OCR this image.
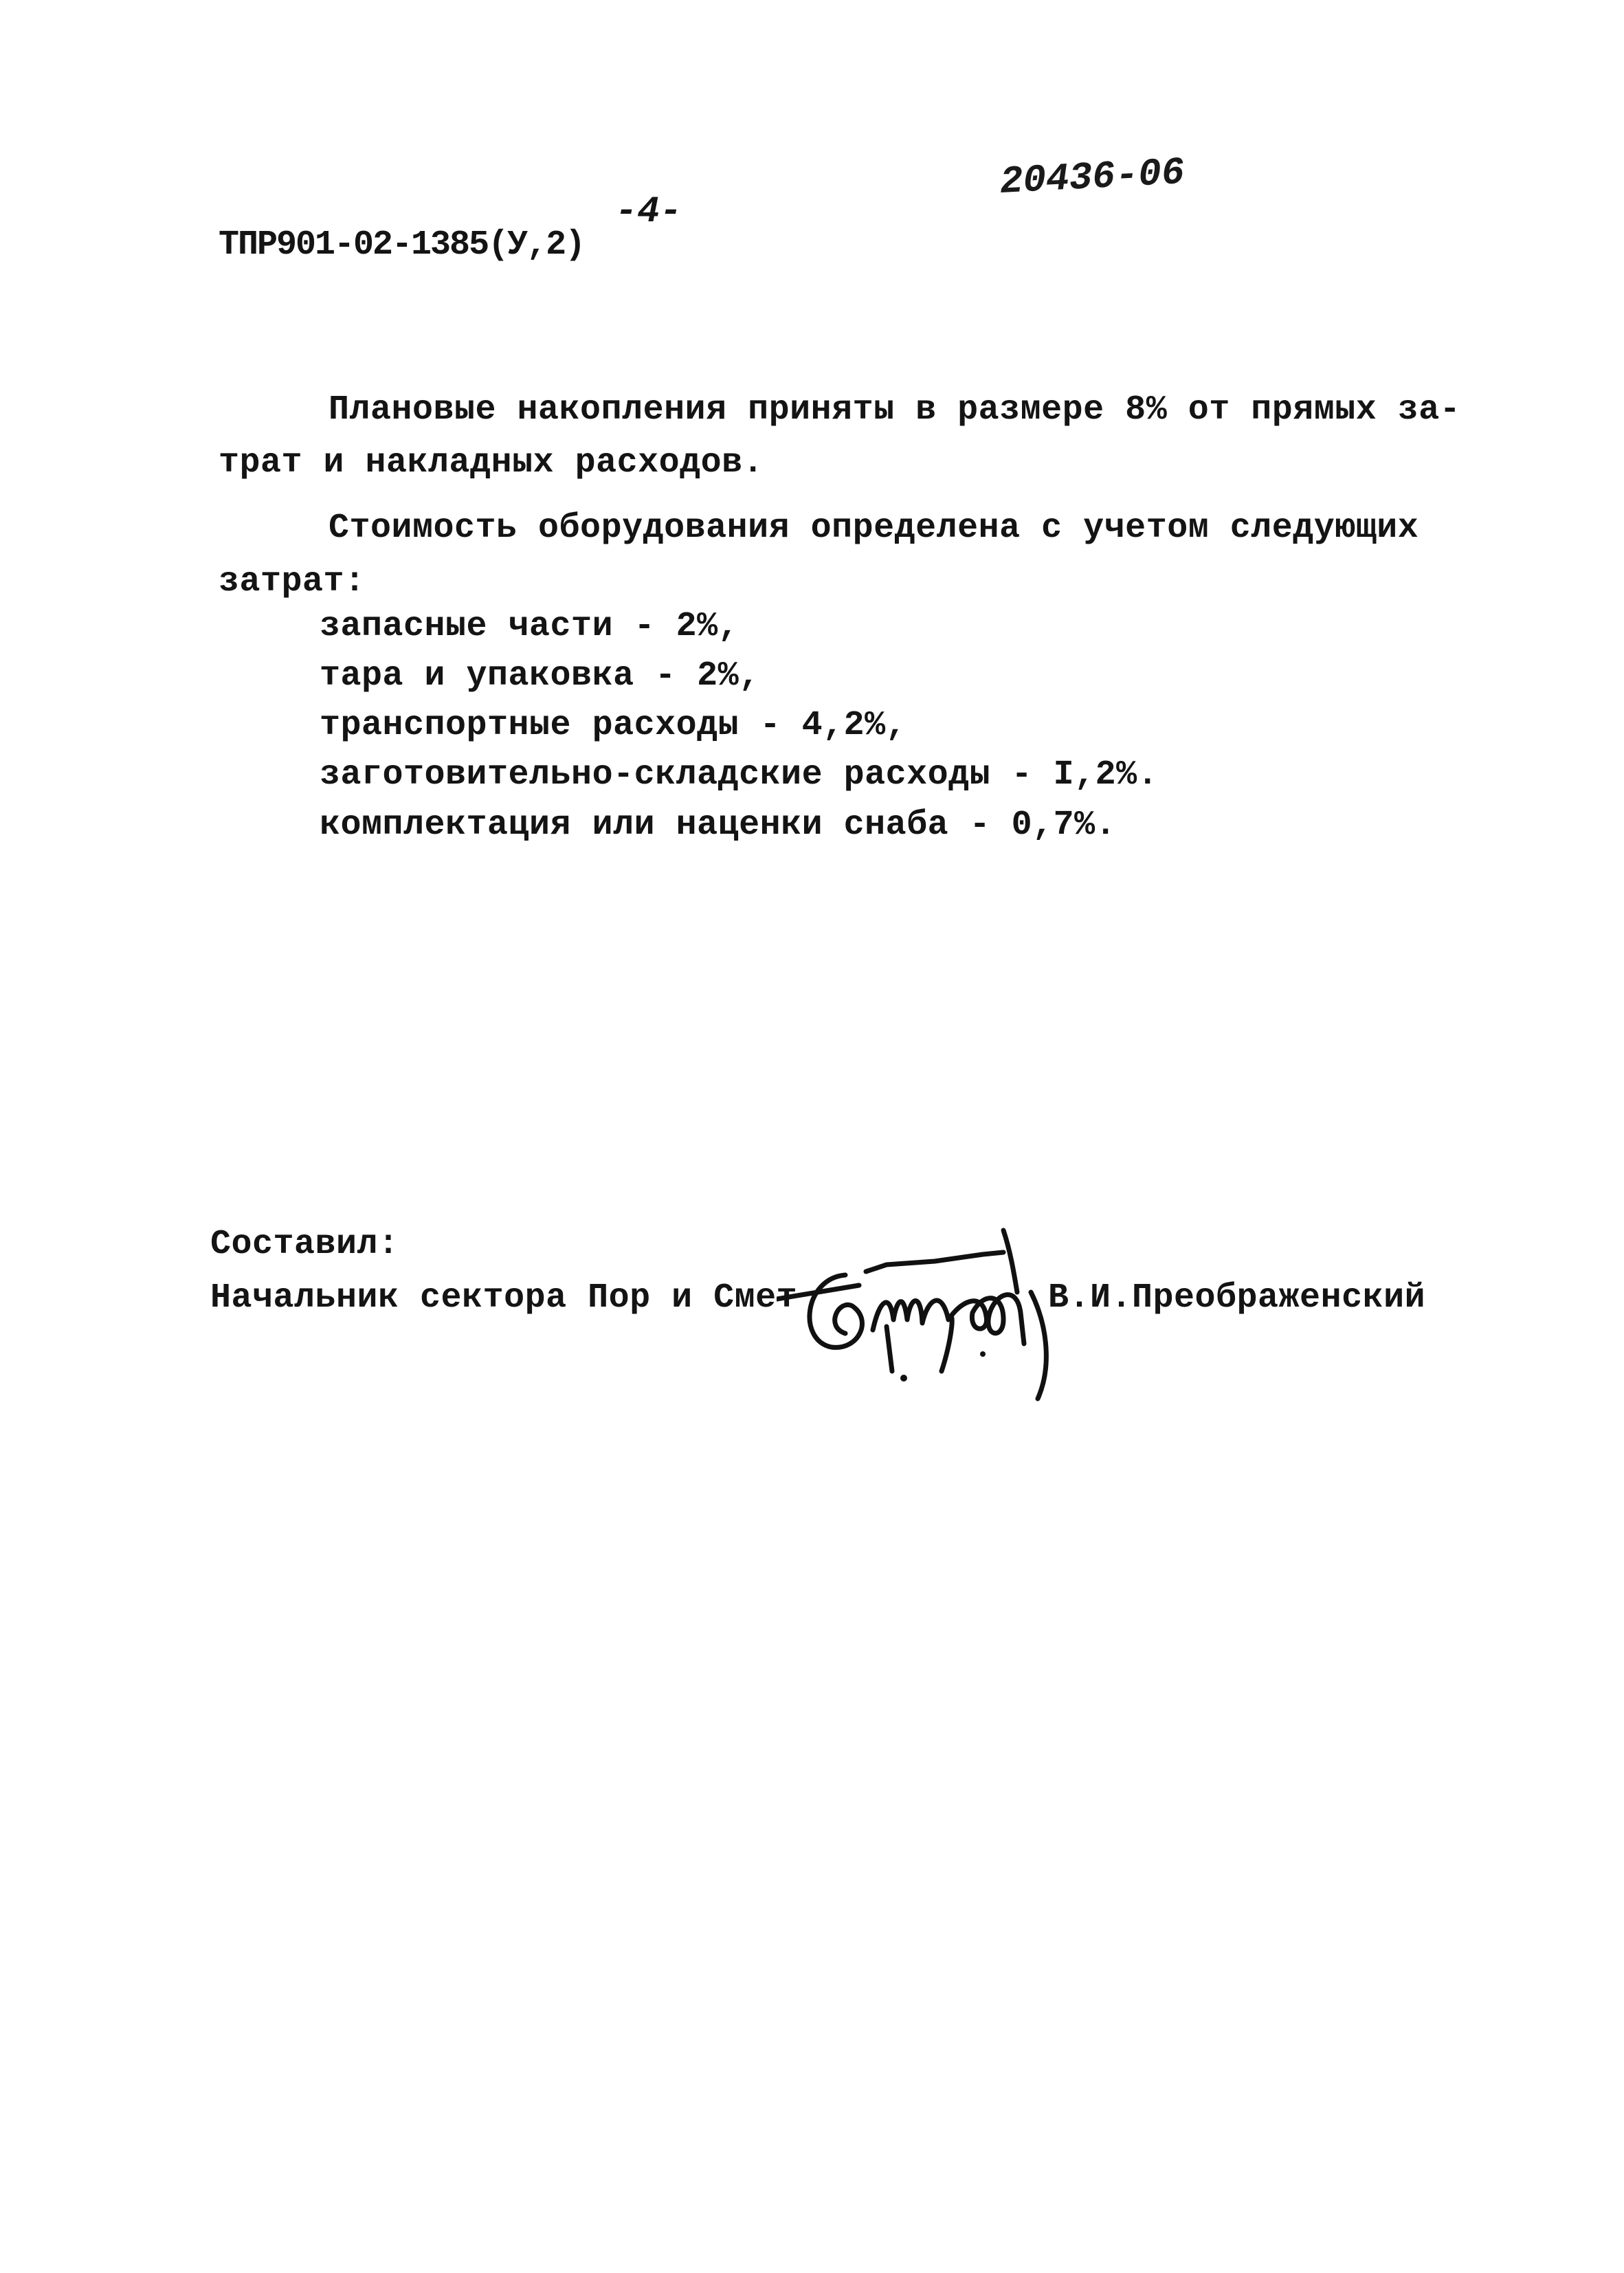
ТПР901-02-1385(У,2)
-4-
20436-06
Плановые накопления приняты в размере 8% от прямых за-
трат и накладных расходов.
Стоимость оборудования определена с учетом следующих
затрат:
запасные части - 2%,
тара и упаковка - 2%,
транспортные расходы - 4,2%,
заготовительно-складские расходы - I,2%.
комплектация или наценки снаба - 0,7%.
Составил:
Начальник сектора Пор и Смет	В.И.Преображенский
